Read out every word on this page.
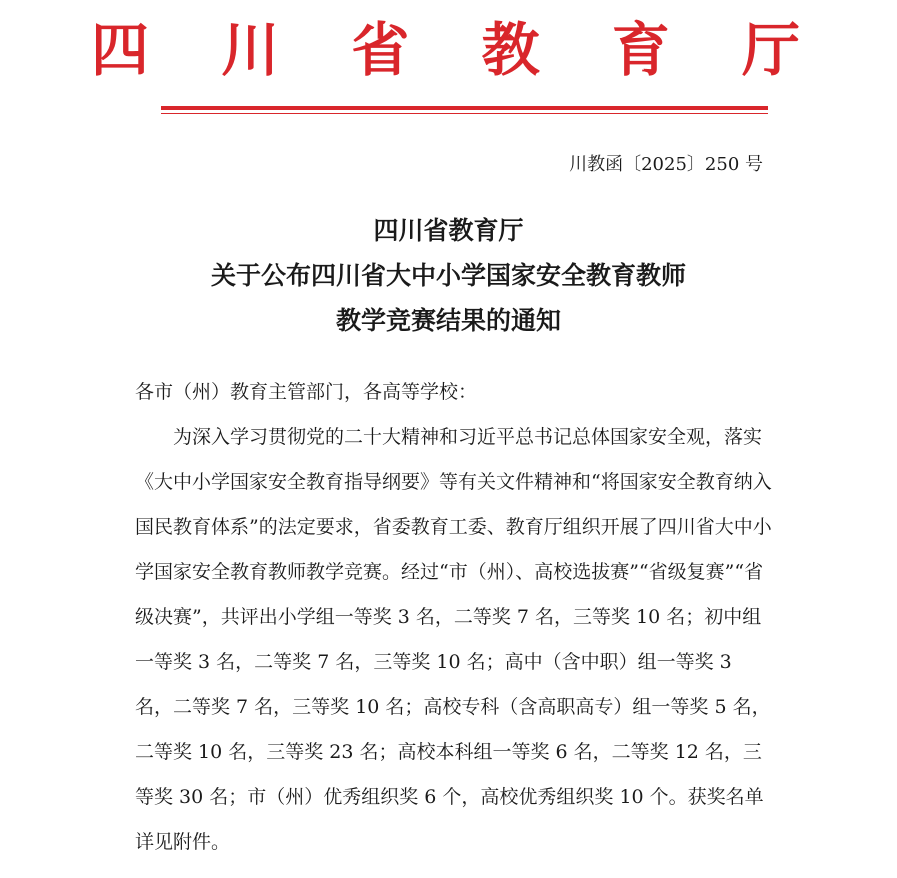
四 川 省 教 育 厅
川教函〔2025〕250 号
四川省教育厅
关于公布四川省大中小学国家安全教育教师
教学竞赛结果的通知

各市（州）教育主管部门，各高等学校：

为深入学习贯彻党的二十大精神和习近平总书记总体国家安全观，落实《大中小学国家安全教育指导纲要》等有关文件精神和“将国家安全教育纳入国民教育体系”的法定要求，省委教育工委、教育厅组织开展了四川省大中小学国家安全教育教师教学竞赛。经过“市（州）、高校选拔赛”“省级复赛”“省级决赛”，共评出小学组一等奖 3 名，二等奖 7 名，三等奖 10 名；初中组一等奖 3 名，二等奖 7 名，三等奖 10 名；高中（含中职）组一等奖 3 名，二等奖 7 名，三等奖 10 名；高校专科（含高职高专）组一等奖 5 名，二等奖 10 名，三等奖 23 名；高校本科组一等奖 6 名，二等奖 12 名，三等奖 30 名；市（州）优秀组织奖 6 个，高校优秀组织奖 10 个。获奖名单详见附件。
